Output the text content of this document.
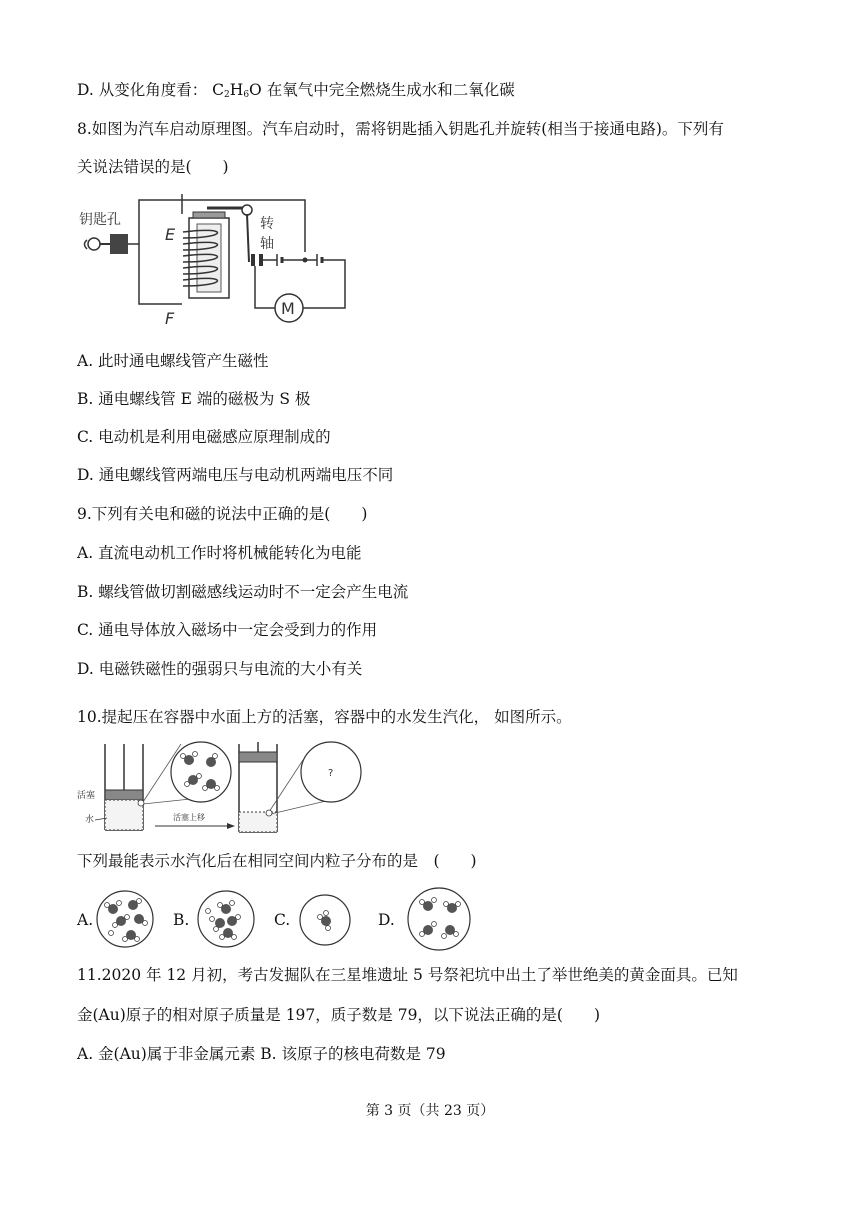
D. 从变化角度看： $C_2H_6O$ 在氧气中完全燃烧生成水和二氧化碳
8.如图为汽车启动原理图。汽车启动时，需将钥匙插入钥匙孔并旋转(相当于接通电路)。下列有
关说法错误的是(　　)
钥匙孔
E
F
转
轴
M
A. 此时通电螺线管产生磁性
B. 通电螺线管 E 端的磁极为 S 极
C. 电动机是利用电磁感应原理制成的
D. 通电螺线管两端电压与电动机两端电压不同
9.下列有关电和磁的说法中正确的是(　　)
A. 直流电动机工作时将机械能转化为电能
B. 螺线管做切割磁感线运动时不一定会产生电流
C. 通电导体放入磁场中一定会受到力的作用
D. 电磁铁磁性的强弱只与电流的大小有关
10.提起压在容器中水面上方的活塞，容器中的水发生汽化， 如图所示。
活塞
水	活塞上移
?
下列最能表示水汽化后在相同空间内粒子分布的是　(　　)
A.	B.	C.	D.
11.2020 年 12 月初，考古发掘队在三星堆遗址 5 号祭祀坑中出土了举世绝美的黄金面具。已知
金(Au)原子的相对原子质量是 197，质子数是 79，以下说法正确的是(　　)
A. 金(Au)属于非金属元素 B. 该原子的核电荷数是 79
第 3 页（共 23 页）
